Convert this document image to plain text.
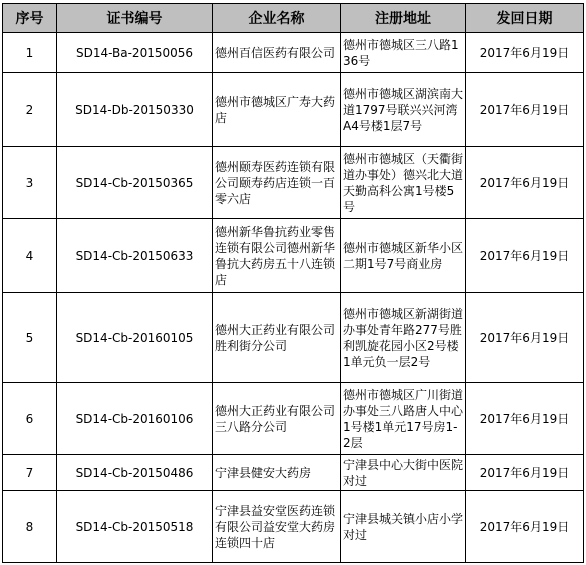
序号	证书编号	企业名称	注册地址	发回日期
1	SD14-Ba-20150056	德州百信医药有限公司	德州市德城区三八路136号	2017年6月19日
2	SD14-Db-20150330	德州市德城区广寿大药店	德州市德城区湖滨南大道1797号联兴兴河湾A4号楼1层7号	2017年6月19日
3	SD14-Cb-20150365	德州颐寿医药连锁有限公司颐寿药店连锁一百零六店	德州市德城区（天衢街道办事处）德兴北大道天勤高科公寓1号楼5号	2017年6月19日
4	SD14-Cb-20150633	德州新华鲁抗药业零售连锁有限公司德州新华鲁抗大药房五十八连锁店	德州市德城区新华小区二期1号7号商业房	2017年6月19日
5	SD14-Cb-20160105	德州大正药业有限公司胜利街分公司	德州市德城区新湖街道办事处青年路277号胜利凯旋花园小区2号楼1单元负一层2号	2017年6月19日
6	SD14-Cb-20160106	德州大正药业有限公司三八路分公司	德州市德城区广川街道办事处三八路唐人中心1号楼1单元17号房1-2层	2017年6月19日
7	SD14-Cb-20150486	宁津县健安大药房	宁津县中心大街中医院对过	2017年6月19日
8	SD14-Cb-20150518	宁津县益安堂医药连锁有限公司益安堂大药房连锁四十店	宁津县城关镇小店小学对过	2017年6月19日
